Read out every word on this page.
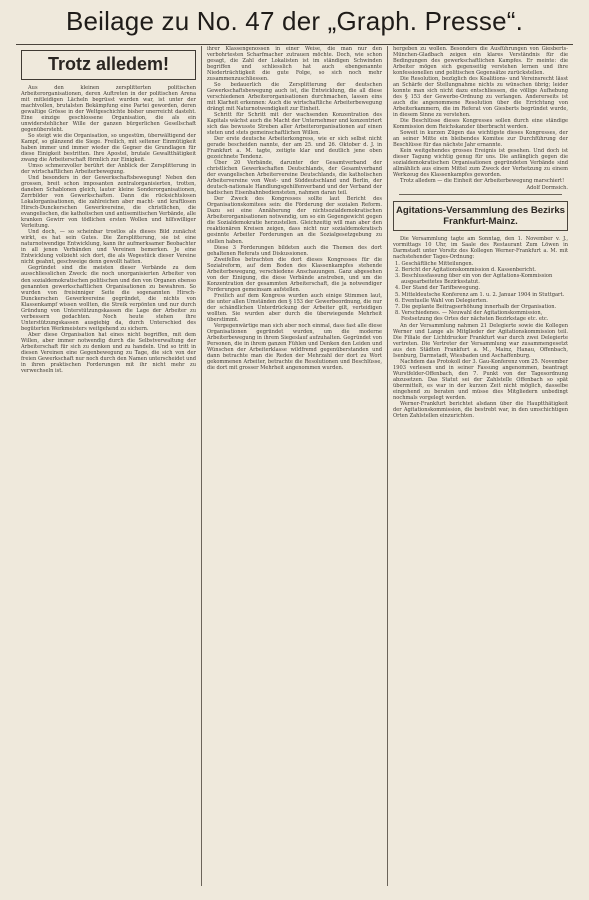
Beilage zu No. 47 der „Graph. Presse“.
Trotz alledem!

Aus den kleinen zersplitterten politischen Arbeiterorganisationen, deren Auftreten in der politischen Arena mit mitleidigen Lächeln begrüsst wurden war, ist unter der machtvollen, brutalsten Bekämpfung eine Partei geworden, deren gewaltige Grösse in der Weltgeschichte bisher unerreicht dasteht. Eine einzige geschlossene Organisation, die als ein unwiderstehlicher Wille der ganzen bürgerlichen Gesellschaft gegenübersteht.

So steigt wie die Organisation, so ungestüm, überwältigend der Kampf, so glänzend die Siege. Freilich, mit seltener Einmütigkeit haben immer und immer wieder die Gegner die Grundlagen für diese Einigkeit bestritten. Ihre Apostel, brutale Gewaltthätigkeit zwang die Arbeiterschaft förmlich zur Einigkeit.

Umso schmerzvoller berührt der Anblick der Zersplitterung in der wirtschaftlichen Arbeiterbewegung.

Und besonders in der Gewerkschaftsbewegung! Neben den grossen, breit schon imposanten zentralorganisierten, trotten, daneben Schablonen gleich, lauter kleine Sonderorganisationen, Zerrbilder von Gewerkschaften. Dann die rücksichtslosen Lokalorganisationen, die zahlreichen aber macht- und kraftlosen Hirsch-Dunckerschen Gewerkvereine, die christlichen, die evangelischen, die katholischen und antisemitischen Verbände, alle kranken Gewirr von tödlichen ersten Wollen und hilfswilliger Verleitung.

Und doch, — so scheinbar trostlos als dieses Bild zunächst wirkt, es hat sein Gutes. Die Zersplitterung, sie ist eine naturnotwendige Entwicklung, kann ihr aufmerksamer Beobachter in all jenen Verbänden und Vereinen bemerken. Je eine Entwicklung vollzieht sich dort, die als Wegestück dieser Vereine nicht geahnt, geschweige denn gewollt hatten.

Gegründet sind die meisten dieser Verbände zu dem ausschliesslichen Zweck: die noch unorganisierten Arbeiter von den sozialdemokratischen politischen und den von Organen ebenso genannten gewerkschaftlichen Organisationen zu bewahren. So wurden von freisinniger Seite die sogenannten Hirsch-Dunckerschen Gewerkvereine gegründet, die nichts von Klassenkampf wissen wollten, die Streik verpönten und nur durch Gründung von Unterstützungskassen die Lage der Arbeiter zu verbessern gedachten. Noch heute stehen ihre Unterstützungskassen ausgiebig da, durch Unterschied des begüterten Werkmeisters weitgehend zu sichern.

Aber diese Organisation hat eines nicht begriffen, mit dem Willen, aber immer notwendig durch die Selbstverwaltung der Arbeiterschaft für sich zu denken und zu handeln. Und so tritt in diesen Vereinen eine Gegenbewegung zu Tage, die sich von der freien Gewerkschaft nur noch durch den Namen unterscheidet und in ihren praktischen Forderungen mit ihr nicht mehr zu verwechseln ist.

ihrer Klassengenossen in einer Weise, die man nur den verbohrtesten Scharfmacher zutrauen möchte. Doch, wie schon gesagt, die Zahl der Lokalisten ist im ständigen Schwinden begriffen und schliesslich hat auch ebengenannte Niederträchtigkeit die gute Folge, so sich noch mehr zusammenzuschliessen.

So bedauerlich die Zersplitterung der deutschen Gewerkschaftsbewegung auch ist, die Entwicklung, die all diese verschiedenen Arbeiterorganisationen durchmachen, lassen eins mit Klarheit erkennen: Auch die wirtschaftliche Arbeiterbewegung drängt mit Naturnotwendigkeit zur Einheit.

Schritt für Schritt mit der wachsenden Konzentration des Kapitals wächst auch die Macht der Unternehmer und konzentriert sich das bewusste Streben aller Arbeiterorganisationen auf einen steten und stets gemeinschaftlichen Willen.

Der erste deutsche Arbeiterkongress, wie er sich selbst nicht gerade bescheiden nannte, der am 25. und 26. Oktober d. J. in Frankfurt a. M. tagte, zeitigte klar und deutlich jene oben gezeichnete Tendenz.

Über 20 Verbände, darunter der Gesamtverband der christlichen Gewerkschaften Deutschlands, der Gesamtverband der evangelischen Arbeitervereine Deutschlands, die katholischen Arbeitervereine von West- und Süddeutschland und Berlin, der deutsch-nationale Handlungsgehilfenverband und der Verband der badischen Eisenbahnbediensteten, nahmen daran teil.

Der Zweck des Kongresses sollte laut Bericht des Organisationskomitees sein: die Förderung der sozialen Reform. Dazu sei eine Annäherung der nichtsozialdemokratischen Arbeiterorganisationen notwendig, um so ein Gegengewicht gegen die Sozialdemokratie herzustellen. Gleichzeitig will man aber den reaktionären Kreisen zeigen, dass nicht nur sozialdemokratisch gesinnte Arbeiter Forderungen an die Sozialgesetzgebung zu stellen haben.

Diese 3 Forderungen bildeten auch die Themen des dort gehaltenen Referats und Diskussionen.

Zweifellos betrachten die dort dieses Kongresses für die Sozialreform, auf dem Boden des Klassenkampfes stehende Arbeiterbewegung, verschiedene Anschauungen. Ganz abgesehen von der Einigung, die diese Verbände anstreben, und um die Konzentration der gesammten Arbeiterschaft, die ja notwendiger Forderungen gemeinsam aufstellen.

Freilich auf dem Kongress wurden auch einige Stimmen laut, die unter allen Umständen den § 153 der Gewerbeordnung, die nur der schändlichen Unterdrückung der Arbeiter gilt, verteidigen wollten. Sie wurden aber durch die überwiegende Mehrheit überstimmt.

Vergegenwärtige man sich aber noch einmal, dass fast alle diese Organisationen gegründet wurden, um die moderne Arbeiterbewegung in ihrem Siegeslauf aufzuhalten. Gegründet von Personen, die in ihrem ganzen Fühlen und Denken den Leiden und Wünschen der Arbeiterklasse wildfremd gegenüberstanden und dann betrachte man die Reden der Mehrzahl der dort zu Wort gekommenen Arbeiter, betrachte die Resolutionen und Beschlüsse, die dort mit grosser Mehrheit angenommen wurden.

hergeben zu wollen. Besonders die Ausführungen von Giesberts-München-Gladbach zeigen ein klares Verständnis für die Bedingungen des gewerkschaftlichen Kampfes. Er meinte: die Arbeiter mögen sich gegenseitig verstehen lernen und ihre konfessionellen und politischen Gegensätze zurückstellen.

Die Resolution, bezüglich des Koalitions- und Vereinsrecht lässt an Schärfe der Stellungnahme nichts zu wünschen übrig; leider konnte man sich nicht dazu entschliessen, die völlige Aufhebung des § 153 der Gewerbe-Ordnung zu verlangen. Andererseits ist auch die angenommene Resolution über die Errichtung von Arbeiterkammern, die im Referat von Giesberts begründet wurde, in diesem Sinne zu verstehen.

Die Beschlüsse dieses Kongresses sollen durch eine ständige Kommission dem Reichskanzler überbracht werden.

Soweit in kurzen Zügen das wichtigste dieses Kongresses, der an seiner Mitte ein bleibendes Komitee zur Durchführung der Beschlüsse für das nächste Jahr ernannte.

Kein weitgehendes grosses Ereignis ist gesehen. Und doch ist dieser Tagung wichtig genug für uns. Die anfänglich gegen die sozialdemokratischen Organisationen gegründeten Verbände sind allmählich aus einem Mittel zum Zweck der Verhetzung zu einem Werkzeug des Klassenkampfes geworden.

Trotz alledem — die Einheit der Arbeiterbewegung marschiert!

Adolf Dormsich.
Agitations-Versammlung des Bezirks Frankfurt-Mainz.

Die Versammlung tagte am Sonntag, den 1. November v. J., vormittags 10 Uhr, im Saale des Restaurant Zum Löwen in Darmstadt unter Vorsitz des Kollegen Werner-Frankfurt a. M. mit nachstehender Tages-Ordnung:

1. Geschäftliche Mitteilungen.
2. Bericht der Agitationskommission d. Kassenbericht.
3. Beschlussfassung über ein von der Agitations-Kommission ausgearbeitetes Bezirksstatut.
4. Der Stand der Tarifbewegung.
5. Mitteldeutsche Konferenz am 1. u. 2. Januar 1904 in Stuttgart.
6. Eventuelle Wahl von Delegierten.
7. Die geplante Beitragserhöhung innerhalb der Organisation.
8. Verschiedenes. — Neuwahl der Agitationskommission, Festsetzung des Ortes der nächsten Bezirkstage etc. etc.

An der Versammlung nahmen 21 Delegierte sowie die Kollegen Werner und Lange als Mitglieder der Agitationskommission teil. Die Filiale der Lichtdrucker Frankfurt war durch zwei Delegierte vertreten. Die Vertreter der Versammlung war zusammengesetzt aus den Städten Frankfurt a. M., Mainz, Hanau, Offenbach, Isenburg, Darmstadt, Wiesbaden und Aschaffenburg.

Nachdem das Protokoll der 3. Gau-Konferenz vom 25. November 1903 verlesen und in seiner Fassung angenommen, beantragt Wurstfelder-Offenbach, den 7. Punkt von der Tagesordnung abzusetzen. Das Statut sei der Zahlstelle Offenbach so spät übermittelt, es war in der kurzen Zeit nicht möglich, dasselbe eingehend zu beraten und müsse dies Mitgliedern unbedingt nochmals vorgelegt werden.

Werner-Frankfurt berichtet alsdann über die Hauptthätigkeit der Agitationskommission, die bestrebt war, in den umschichtigen Orten Zahlstellen einzurichten.
